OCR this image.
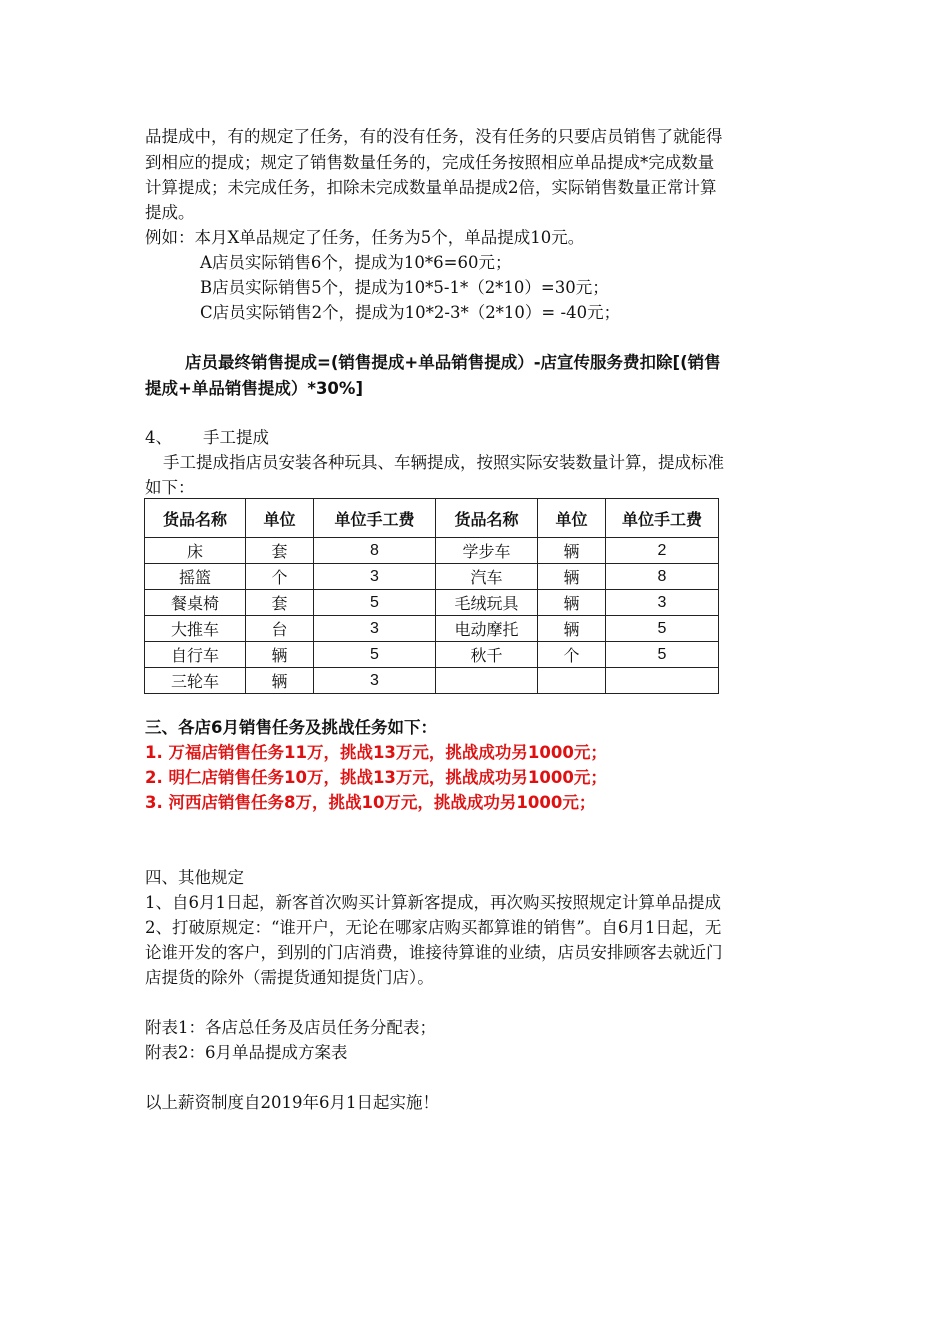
品提成中，有的规定了任务，有的没有任务，没有任务的只要店员销售了就能得
到相应的提成；规定了销售数量任务的，完成任务按照相应单品提成*完成数量
计算提成；未完成任务，扣除未完成数量单品提成2倍，实际销售数量正常计算
提成。
例如：本月X单品规定了任务，任务为5个，单品提成10元。
A店员实际销售6个，提成为10*6=60元；
B店员实际销售5个，提成为10*5-1*（2*10）=30元；
C店员实际销售2个，提成为10*2-3*（2*10）= -40元；
店员最终销售提成=(销售提成+单品销售提成）-店宣传服务费扣除[(销售
提成+单品销售提成）*30%]
4、 手工提成
手工提成指店员安装各种玩具、车辆提成，按照实际安装数量计算，提成标准
如下：
货品名称	单位	单位手工费	货品名称	单位	单位手工费
床	套	8	学步车	辆	2
摇篮	个	3	汽车	辆	8
餐桌椅	套	5	毛绒玩具	辆	3
大推车	台	3	电动摩托	辆	5
自行车	辆	5	秋千	个	5
三轮车	辆	3			
三、各店6月销售任务及挑战任务如下：
1. 万福店销售任务11万，挑战13万元，挑战成功另1000元；
2. 明仁店销售任务10万，挑战13万元，挑战成功另1000元；
3. 河西店销售任务8万，挑战10万元，挑战成功另1000元；
四、其他规定
1、自6月1日起，新客首次购买计算新客提成，再次购买按照规定计算单品提成
2、打破原规定：“谁开户，无论在哪家店购买都算谁的销售”。自6月1日起，无
论谁开发的客户，到别的门店消费，谁接待算谁的业绩，店员安排顾客去就近门
店提货的除外（需提货通知提货门店）。
附表1：各店总任务及店员任务分配表；
附表2：6月单品提成方案表
以上薪资制度自2019年6月1日起实施！
